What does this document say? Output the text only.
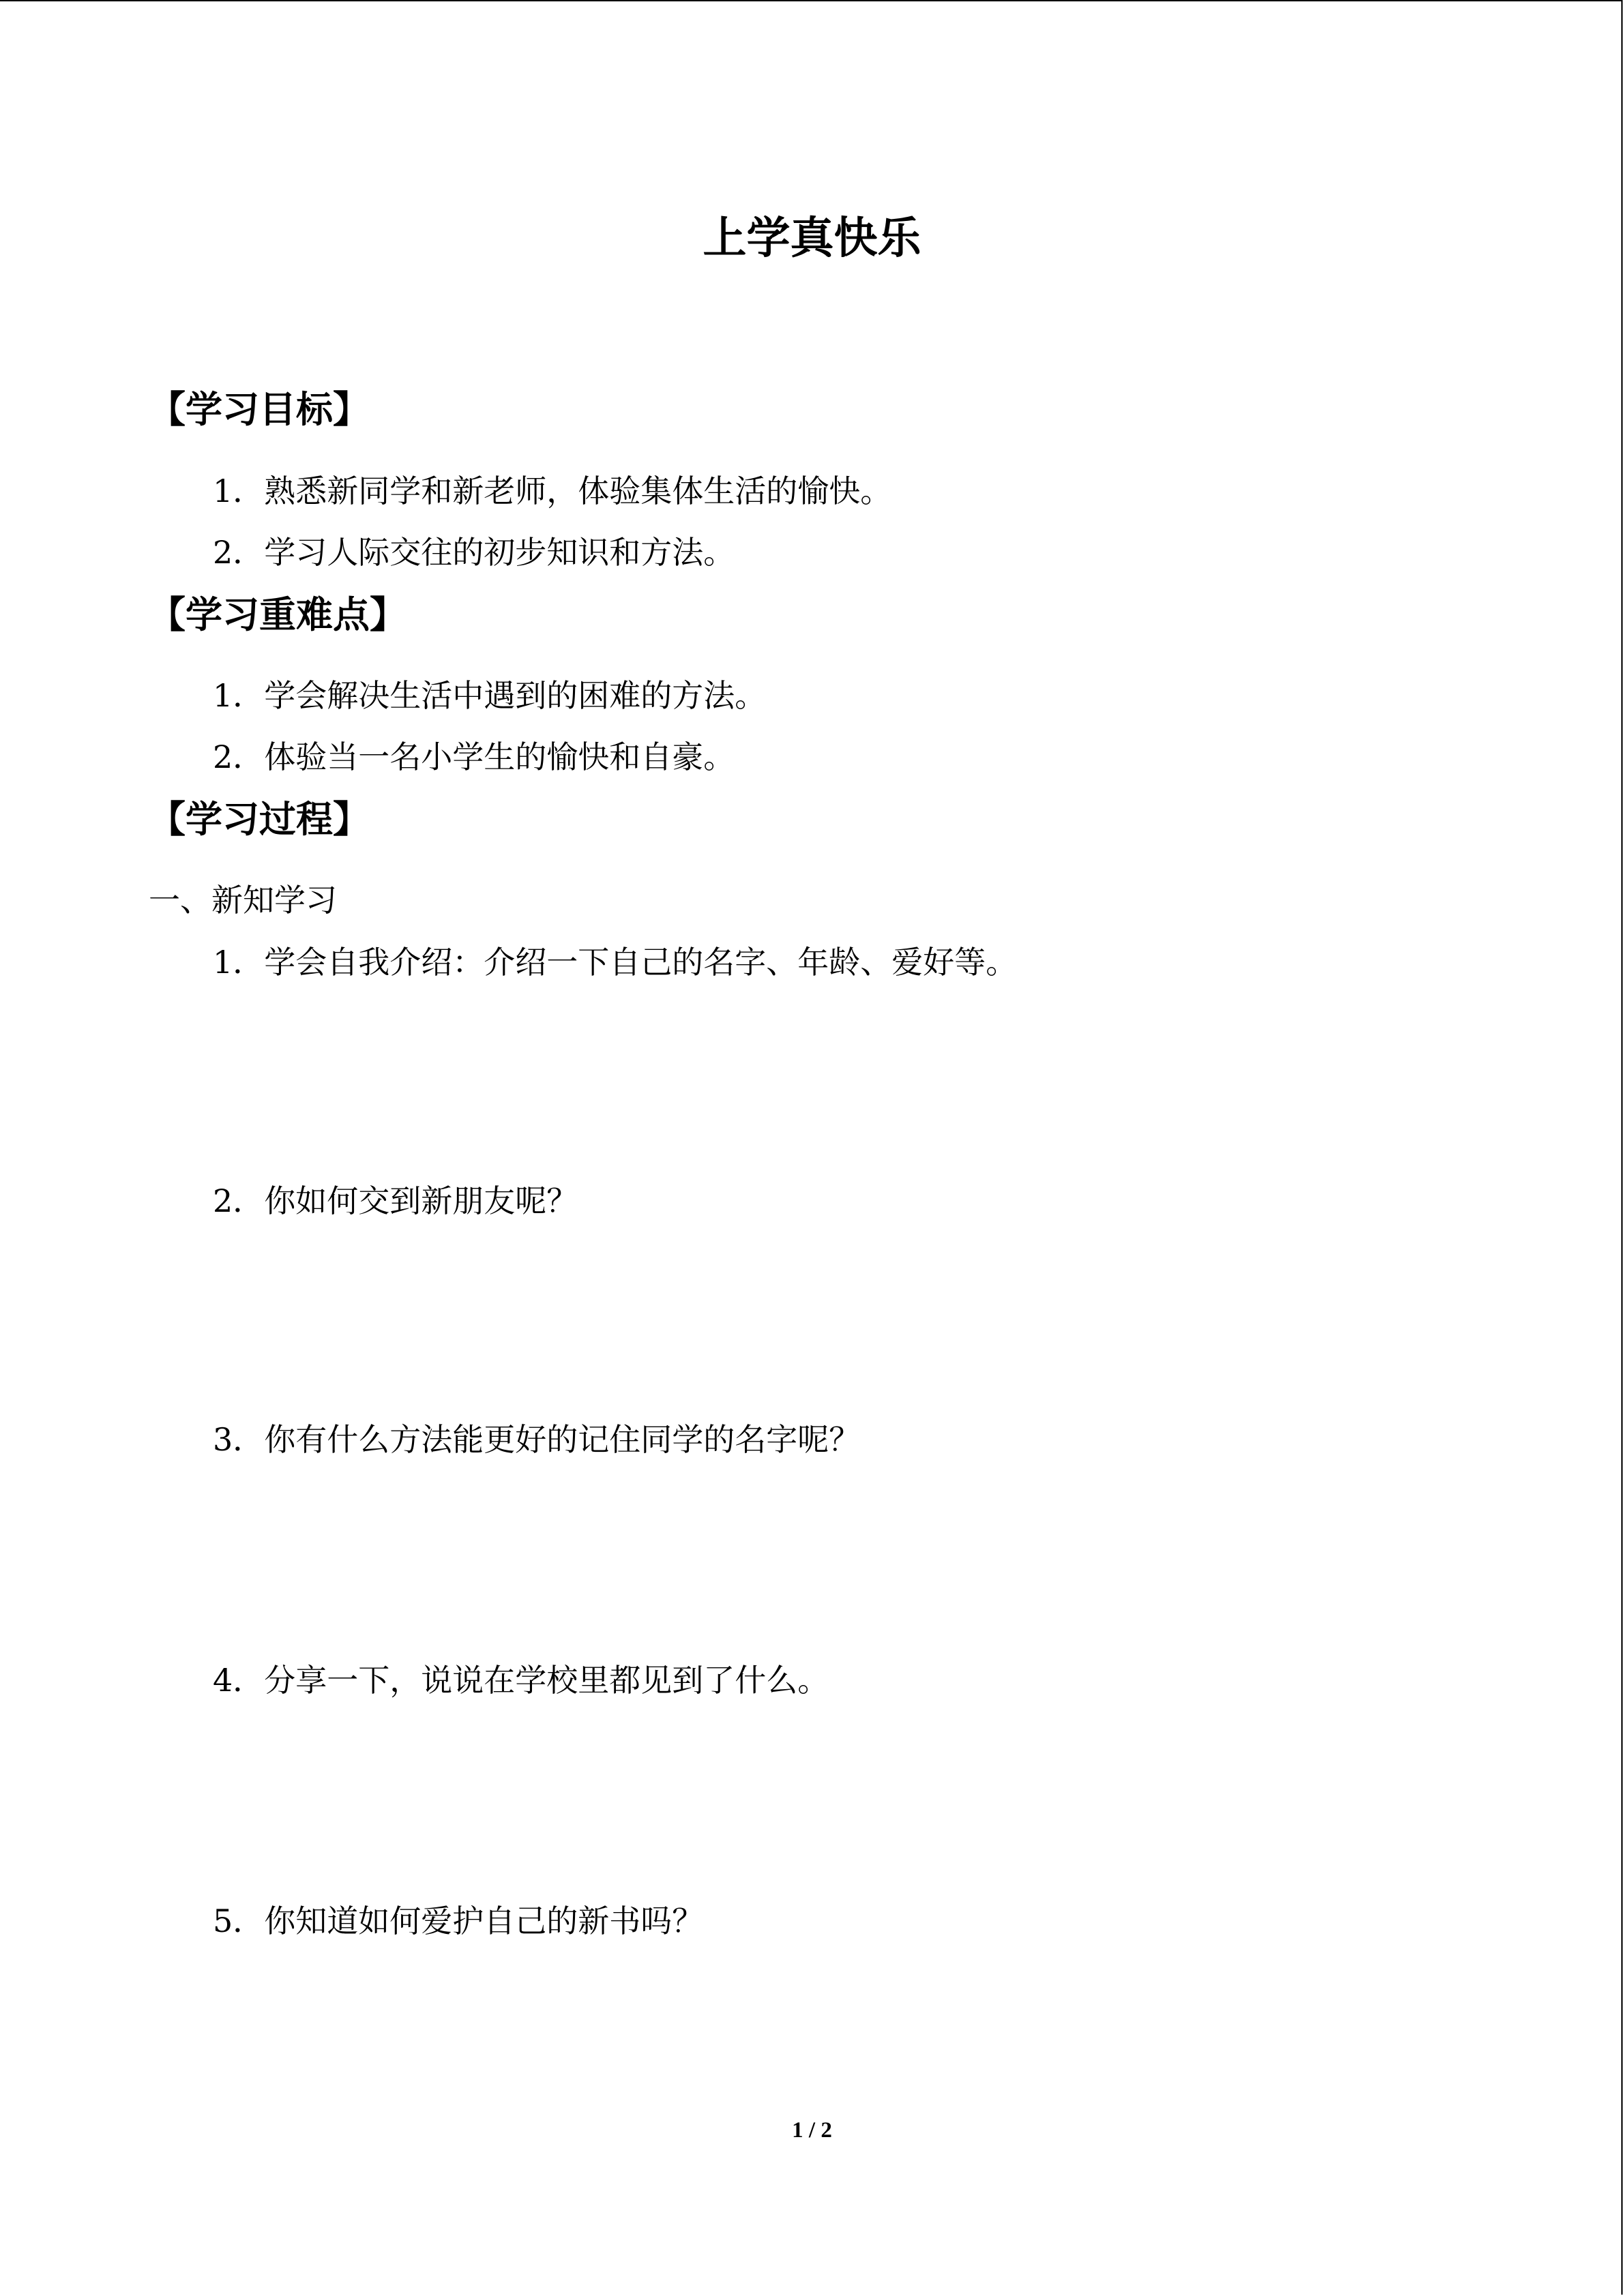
上学真快乐
【学习目标】
1．熟悉新同学和新老师，体验集体生活的愉快。
2．学习人际交往的初步知识和方法。
【学习重难点】
1．学会解决生活中遇到的困难的方法。
2．体验当一名小学生的愉快和自豪。
【学习过程】
一、新知学习
1．学会自我介绍：介绍一下自己的名字、年龄、爱好等。
2．你如何交到新朋友呢？
3．你有什么方法能更好的记住同学的名字呢？
4．分享一下，说说在学校里都见到了什么。
5．你知道如何爱护自己的新书吗？
1 / 2
